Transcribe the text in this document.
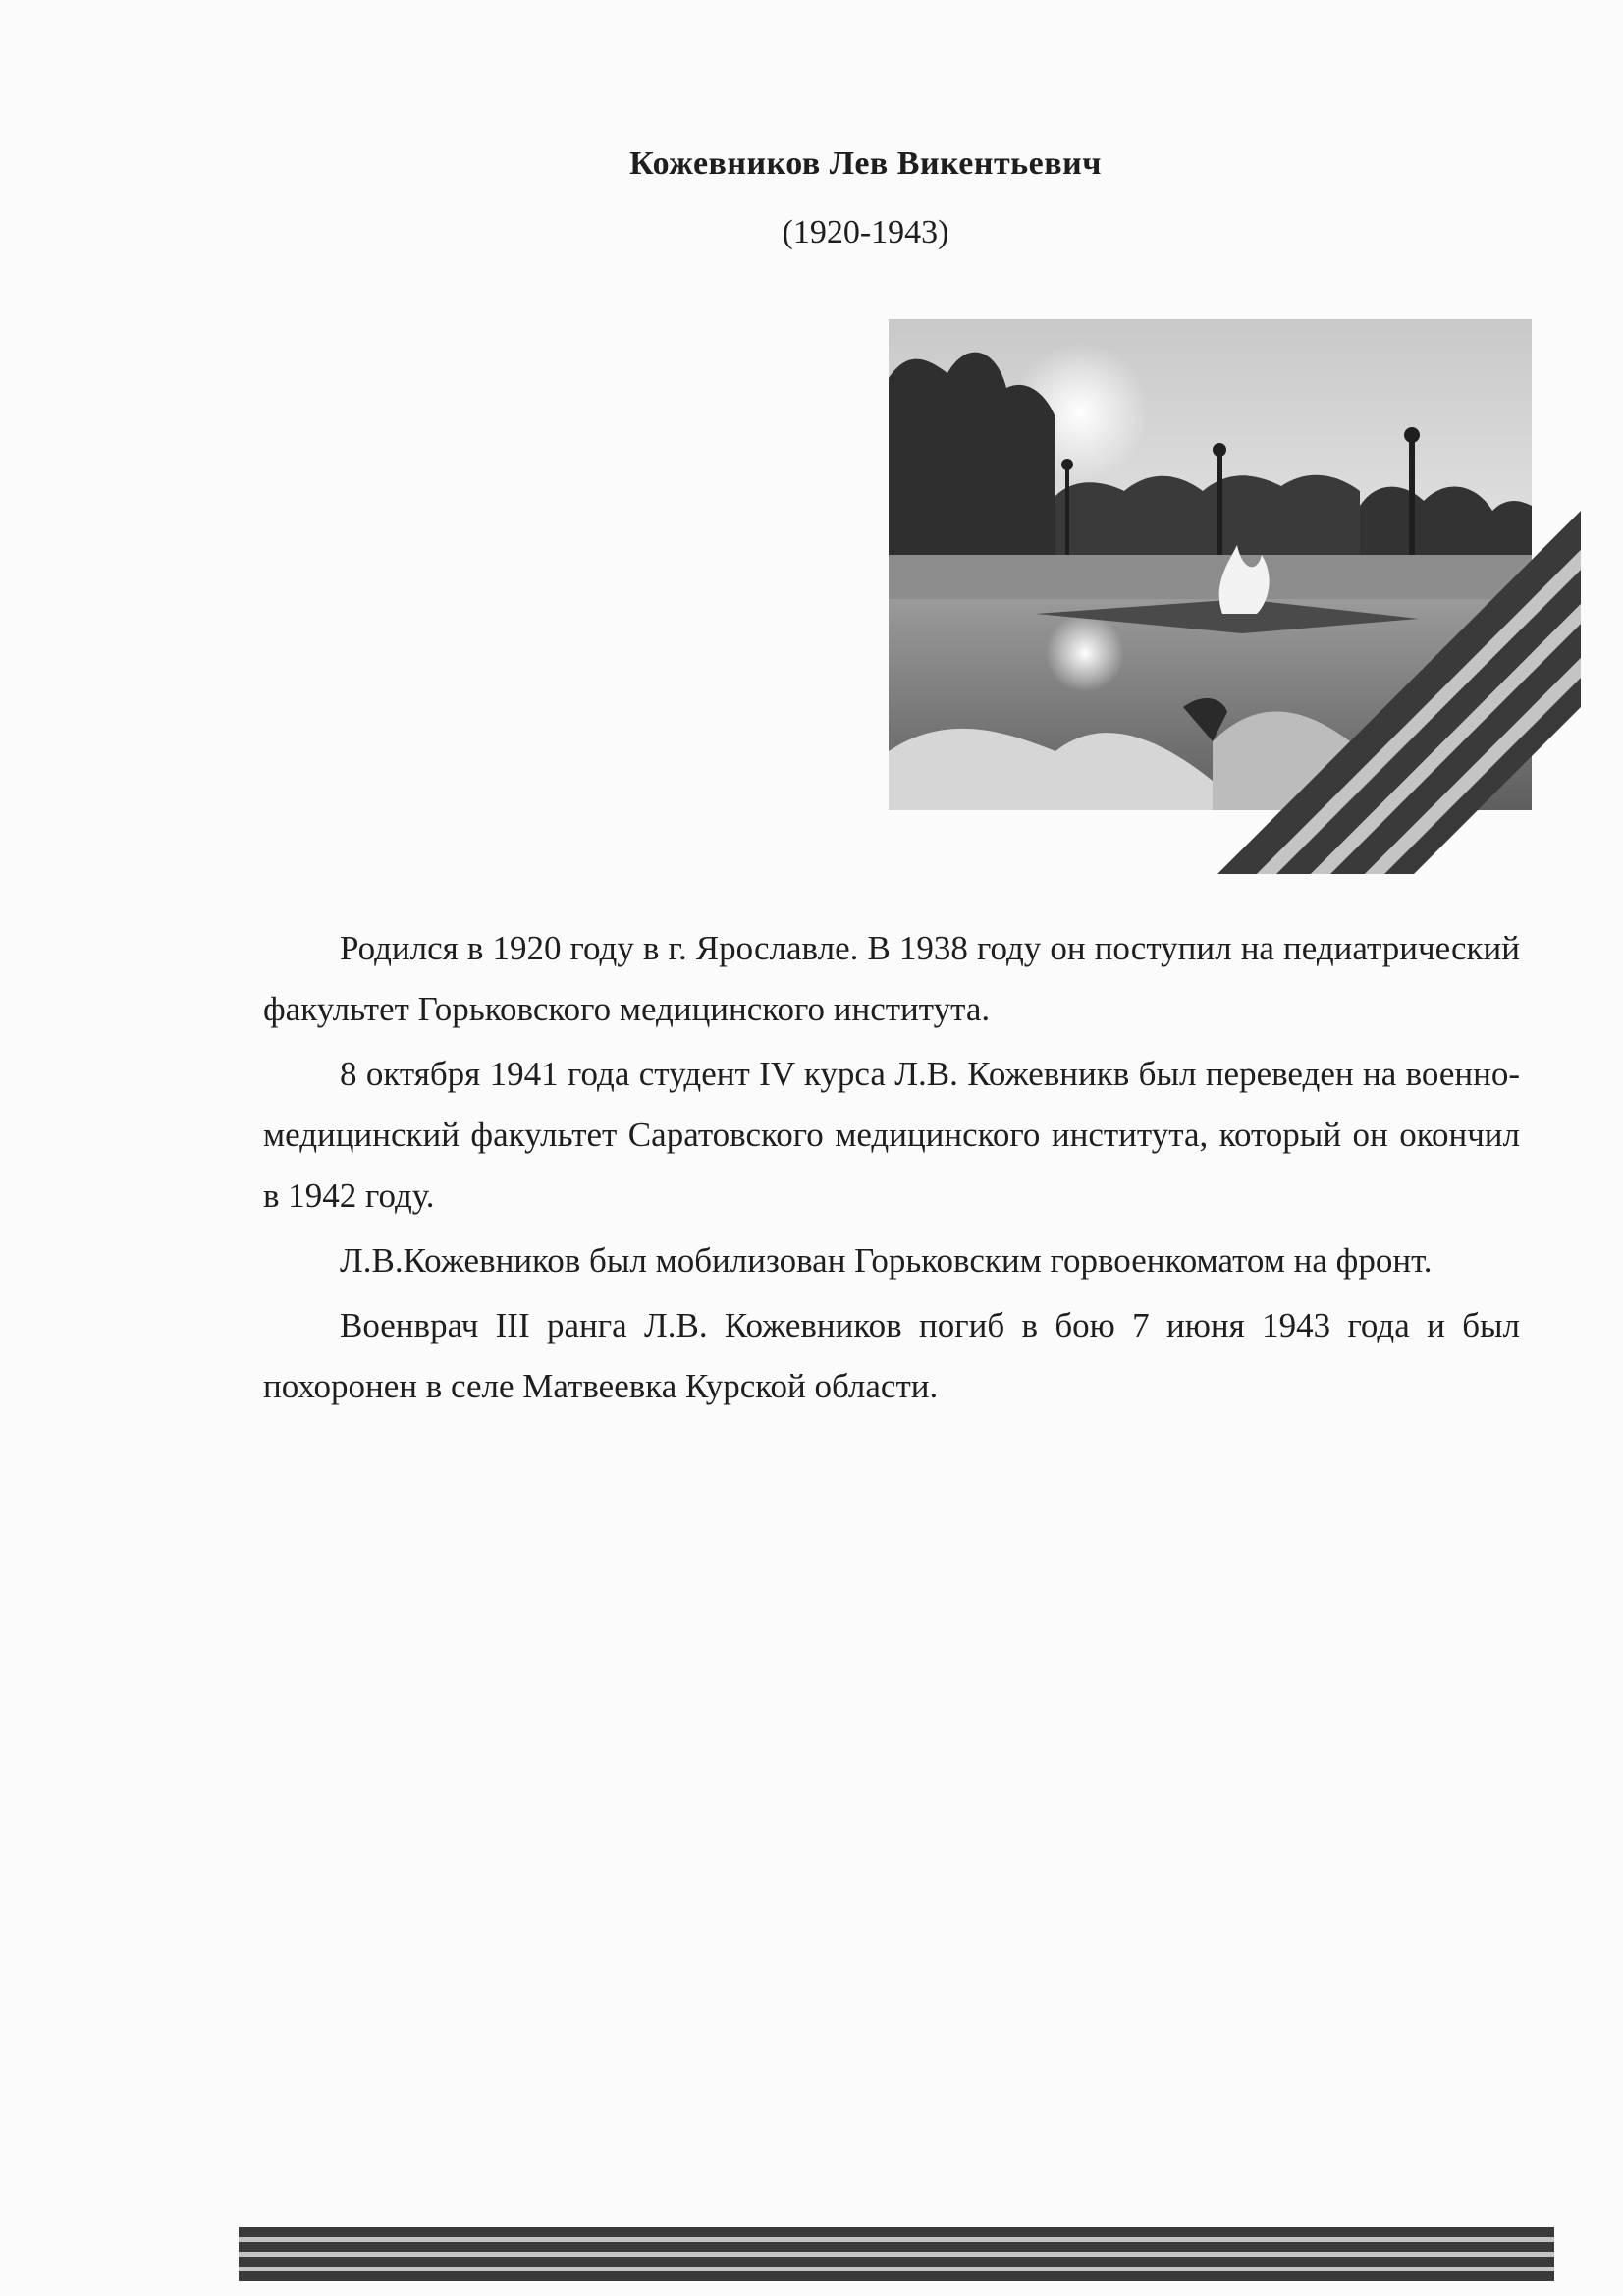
Кожевников Лев Викентьевич
(1920-1943)

Родился в 1920 году в г. Ярославле. В 1938 году он поступил на педиатрический факультет Горьковского медицинского института.

8 октября 1941 года студент IV курса Л.В. Кожевникв был переведен на военно-медицинский факультет Саратовского медицинского института, который он окончил в 1942 году.

Л.В.Кожевников был мобилизован Горьковским горвоенкоматом на фронт.

Военврач III ранга Л.В. Кожевников погиб в бою 7 июня 1943 года и был похоронен в селе Матвеевка Курской области.
